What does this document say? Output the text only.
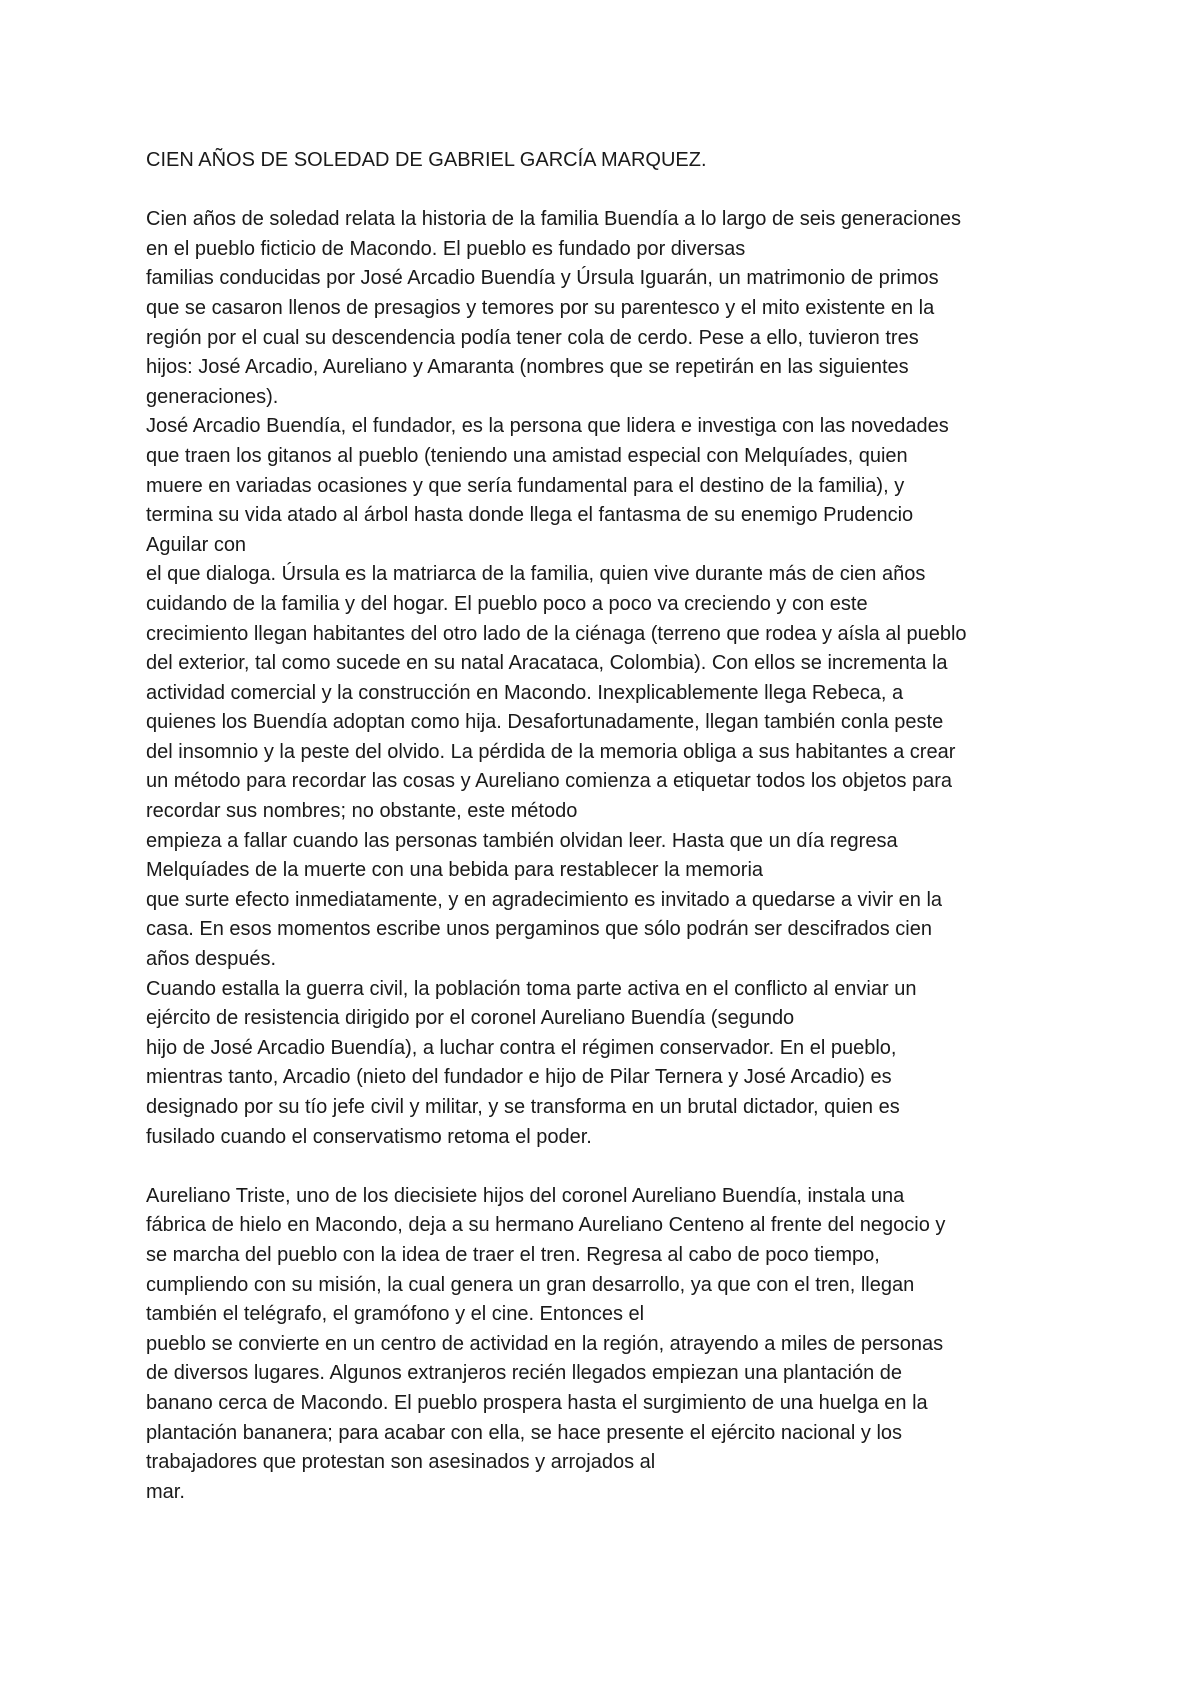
CIEN AÑOS DE SOLEDAD DE GABRIEL GARCÍA MARQUEZ.
Cien años de soledad relata la historia de la familia Buendía a lo largo de seis generaciones
en el pueblo ficticio de Macondo. El pueblo es fundado por diversas
familias conducidas por José Arcadio Buendía y Úrsula Iguarán, un matrimonio de primos
que se casaron llenos de presagios y temores por su parentesco y el mito existente en la
región por el cual su descendencia podía tener cola de cerdo. Pese a ello, tuvieron tres
hijos: José Arcadio, Aureliano y Amaranta (nombres que se repetirán en las siguientes
generaciones).
José Arcadio Buendía, el fundador, es la persona que lidera e investiga con las novedades
que traen los gitanos al pueblo (teniendo una amistad especial con Melquíades, quien
muere en variadas ocasiones y que sería fundamental para el destino de la familia), y
termina su vida atado al árbol hasta donde llega el fantasma de su enemigo Prudencio
Aguilar con
el que dialoga. Úrsula es la matriarca de la familia, quien vive durante más de cien años
cuidando de la familia y del hogar. El pueblo poco a poco va creciendo y con este
crecimiento llegan habitantes del otro lado de la ciénaga (terreno que rodea y aísla al pueblo
del exterior, tal como sucede en su natal Aracataca, Colombia). Con ellos se incrementa la
actividad comercial y la construcción en Macondo. Inexplicablemente llega Rebeca, a
quienes los Buendía adoptan como hija. Desafortunadamente, llegan también conla peste
del insomnio y la peste del olvido. La pérdida de la memoria obliga a sus habitantes a crear
un método para recordar las cosas y Aureliano comienza a etiquetar todos los objetos para
recordar sus nombres; no obstante, este método
empieza a fallar cuando las personas también olvidan leer. Hasta que un día regresa
Melquíades de la muerte con una bebida para restablecer la memoria
que surte efecto inmediatamente, y en agradecimiento es invitado a quedarse a vivir en la
casa. En esos momentos escribe unos pergaminos que sólo podrán ser descifrados cien
años después.
Cuando estalla la guerra civil, la población toma parte activa en el conflicto al enviar un
ejército de resistencia dirigido por el coronel Aureliano Buendía (segundo
hijo de José Arcadio Buendía), a luchar contra el régimen conservador. En el pueblo,
mientras tanto, Arcadio (nieto del fundador e hijo de Pilar Ternera y José Arcadio) es
designado por su tío jefe civil y militar, y se transforma en un brutal dictador, quien es
fusilado cuando el conservatismo retoma el poder.
Aureliano Triste, uno de los diecisiete hijos del coronel Aureliano Buendía, instala una
fábrica de hielo en Macondo, deja a su hermano Aureliano Centeno al frente del negocio y
se marcha del pueblo con la idea de traer el tren. Regresa al cabo de poco tiempo,
cumpliendo con su misión, la cual genera un gran desarrollo, ya que con el tren, llegan
también el telégrafo, el gramófono y el cine. Entonces el
pueblo se convierte en un centro de actividad en la región, atrayendo a miles de personas
de diversos lugares. Algunos extranjeros recién llegados empiezan una plantación de
banano cerca de Macondo. El pueblo prospera hasta el surgimiento de una huelga en la
plantación bananera; para acabar con ella, se hace presente el ejército nacional y los
trabajadores que protestan son asesinados y arrojados al
mar.
